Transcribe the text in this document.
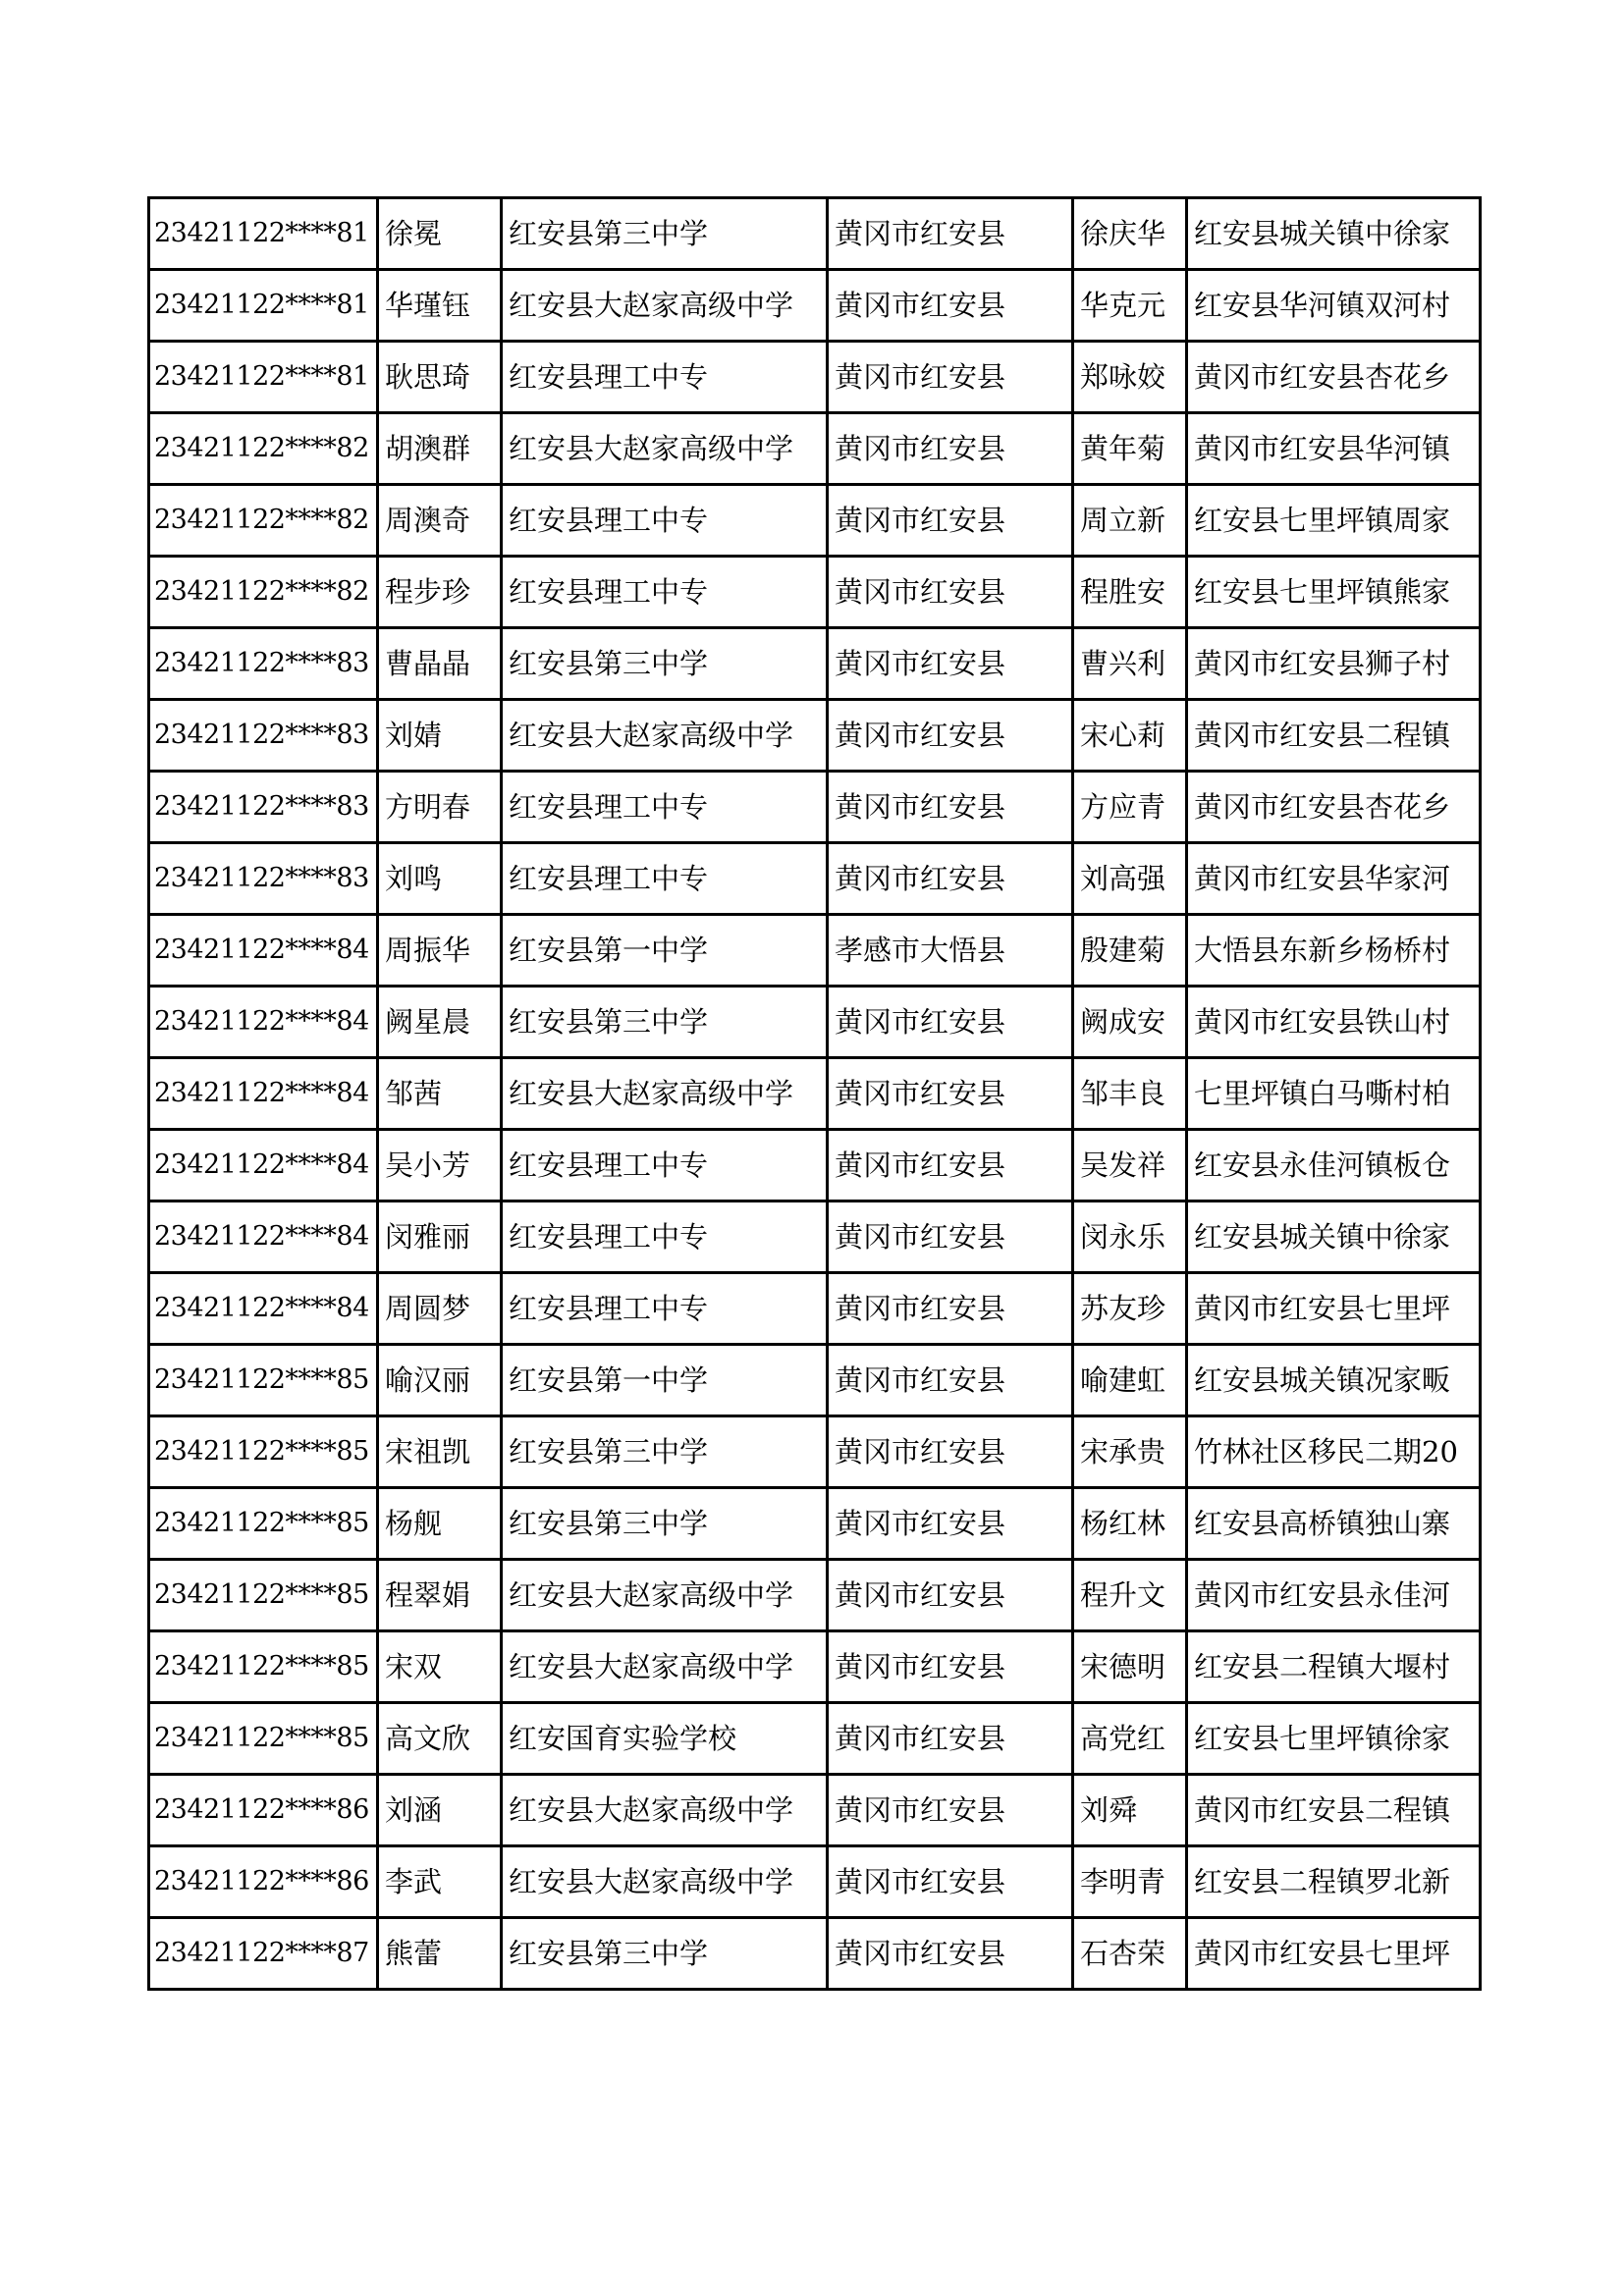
23421122****81	徐冕	红安县第三中学	黄冈市红安县	徐庆华	红安县城关镇中徐家
23421122****81	华瑾钰	红安县大赵家高级中学	黄冈市红安县	华克元	红安县华河镇双河村
23421122****81	耿思琦	红安县理工中专	黄冈市红安县	郑咏姣	黄冈市红安县杏花乡
23421122****82	胡澳群	红安县大赵家高级中学	黄冈市红安县	黄年菊	黄冈市红安县华河镇
23421122****82	周澳奇	红安县理工中专	黄冈市红安县	周立新	红安县七里坪镇周家
23421122****82	程步珍	红安县理工中专	黄冈市红安县	程胜安	红安县七里坪镇熊家
23421122****83	曹晶晶	红安县第三中学	黄冈市红安县	曹兴利	黄冈市红安县狮子村
23421122****83	刘婧	红安县大赵家高级中学	黄冈市红安县	宋心莉	黄冈市红安县二程镇
23421122****83	方明春	红安县理工中专	黄冈市红安县	方应青	黄冈市红安县杏花乡
23421122****83	刘鸣	红安县理工中专	黄冈市红安县	刘高强	黄冈市红安县华家河
23421122****84	周振华	红安县第一中学	孝感市大悟县	殷建菊	大悟县东新乡杨桥村
23421122****84	阙星晨	红安县第三中学	黄冈市红安县	阙成安	黄冈市红安县铁山村
23421122****84	邹茜	红安县大赵家高级中学	黄冈市红安县	邹丰良	七里坪镇白马嘶村柏
23421122****84	吴小芳	红安县理工中专	黄冈市红安县	吴发祥	红安县永佳河镇板仓
23421122****84	闵雅丽	红安县理工中专	黄冈市红安县	闵永乐	红安县城关镇中徐家
23421122****84	周圆梦	红安县理工中专	黄冈市红安县	苏友珍	黄冈市红安县七里坪
23421122****85	喻汉丽	红安县第一中学	黄冈市红安县	喻建虹	红安县城关镇况家畈
23421122****85	宋祖凯	红安县第三中学	黄冈市红安县	宋承贵	竹林社区移民二期20
23421122****85	杨舰	红安县第三中学	黄冈市红安县	杨红林	红安县高桥镇独山寨
23421122****85	程翠娟	红安县大赵家高级中学	黄冈市红安县	程升文	黄冈市红安县永佳河
23421122****85	宋双	红安县大赵家高级中学	黄冈市红安县	宋德明	红安县二程镇大堰村
23421122****85	高文欣	红安国育实验学校	黄冈市红安县	高党红	红安县七里坪镇徐家
23421122****86	刘涵	红安县大赵家高级中学	黄冈市红安县	刘舜	黄冈市红安县二程镇
23421122****86	李武	红安县大赵家高级中学	黄冈市红安县	李明青	红安县二程镇罗北新
23421122****87	熊蕾	红安县第三中学	黄冈市红安县	石杏荣	黄冈市红安县七里坪
